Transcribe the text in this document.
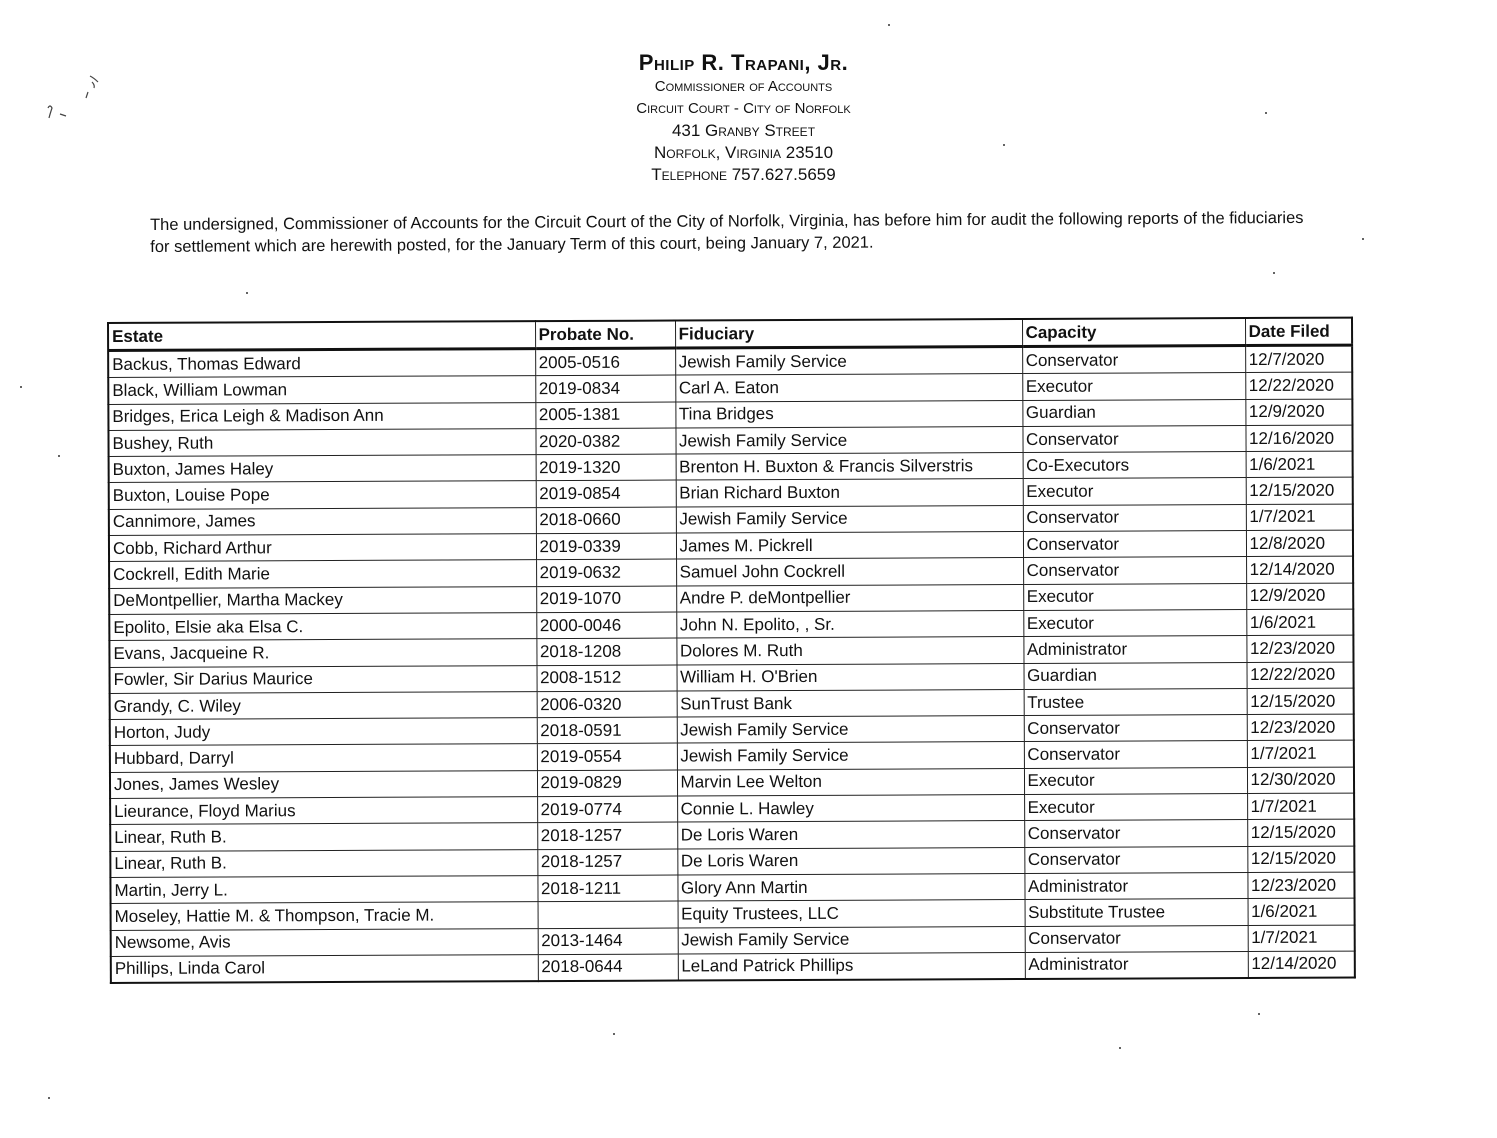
Philip R. Trapani, Jr.
Commissioner of Accounts
Circuit Court - City of Norfolk
431 Granby Street
Norfolk, Virginia 23510
Telephone 757.627.5659
The undersigned, Commissioner of Accounts for the Circuit Court of the City of Norfolk, Virginia, has before him for audit the following reports of the fiduciaries for settlement which are herewith posted, for the January Term of this court, being January 7, 2021.
Estate	Probate No.	Fiduciary	Capacity	Date Filed
Backus, Thomas Edward	2005-0516	Jewish Family Service	Conservator	12/7/2020
Black, William Lowman	2019-0834	Carl A. Eaton	Executor	12/22/2020
Bridges, Erica Leigh & Madison Ann	2005-1381	Tina Bridges	Guardian	12/9/2020
Bushey, Ruth	2020-0382	Jewish Family Service	Conservator	12/16/2020
Buxton, James Haley	2019-1320	Brenton H. Buxton & Francis Silverstris	Co-Executors	1/6/2021
Buxton, Louise Pope	2019-0854	Brian Richard Buxton	Executor	12/15/2020
Cannimore, James	2018-0660	Jewish Family Service	Conservator	1/7/2021
Cobb, Richard Arthur	2019-0339	James M. Pickrell	Conservator	12/8/2020
Cockrell, Edith Marie	2019-0632	Samuel John Cockrell	Conservator	12/14/2020
DeMontpellier, Martha Mackey	2019-1070	Andre P. deMontpellier	Executor	12/9/2020
Epolito, Elsie aka Elsa C.	2000-0046	John N. Epolito, , Sr.	Executor	1/6/2021
Evans, Jacqueine R.	2018-1208	Dolores M. Ruth	Administrator	12/23/2020
Fowler, Sir Darius Maurice	2008-1512	William H. O'Brien	Guardian	12/22/2020
Grandy, C. Wiley	2006-0320	SunTrust Bank	Trustee	12/15/2020
Horton, Judy	2018-0591	Jewish Family Service	Conservator	12/23/2020
Hubbard, Darryl	2019-0554	Jewish Family Service	Conservator	1/7/2021
Jones, James Wesley	2019-0829	Marvin Lee Welton	Executor	12/30/2020
Lieurance, Floyd Marius	2019-0774	Connie L. Hawley	Executor	1/7/2021
Linear, Ruth B.	2018-1257	De Loris Waren	Conservator	12/15/2020
Linear, Ruth B.	2018-1257	De Loris Waren	Conservator	12/15/2020
Martin, Jerry L.	2018-1211	Glory Ann Martin	Administrator	12/23/2020
Moseley, Hattie M. & Thompson, Tracie M.		Equity Trustees, LLC	Substitute Trustee	1/6/2021
Newsome, Avis	2013-1464	Jewish Family Service	Conservator	1/7/2021
Phillips, Linda Carol	2018-0644	LeLand Patrick Phillips	Administrator	12/14/2020
